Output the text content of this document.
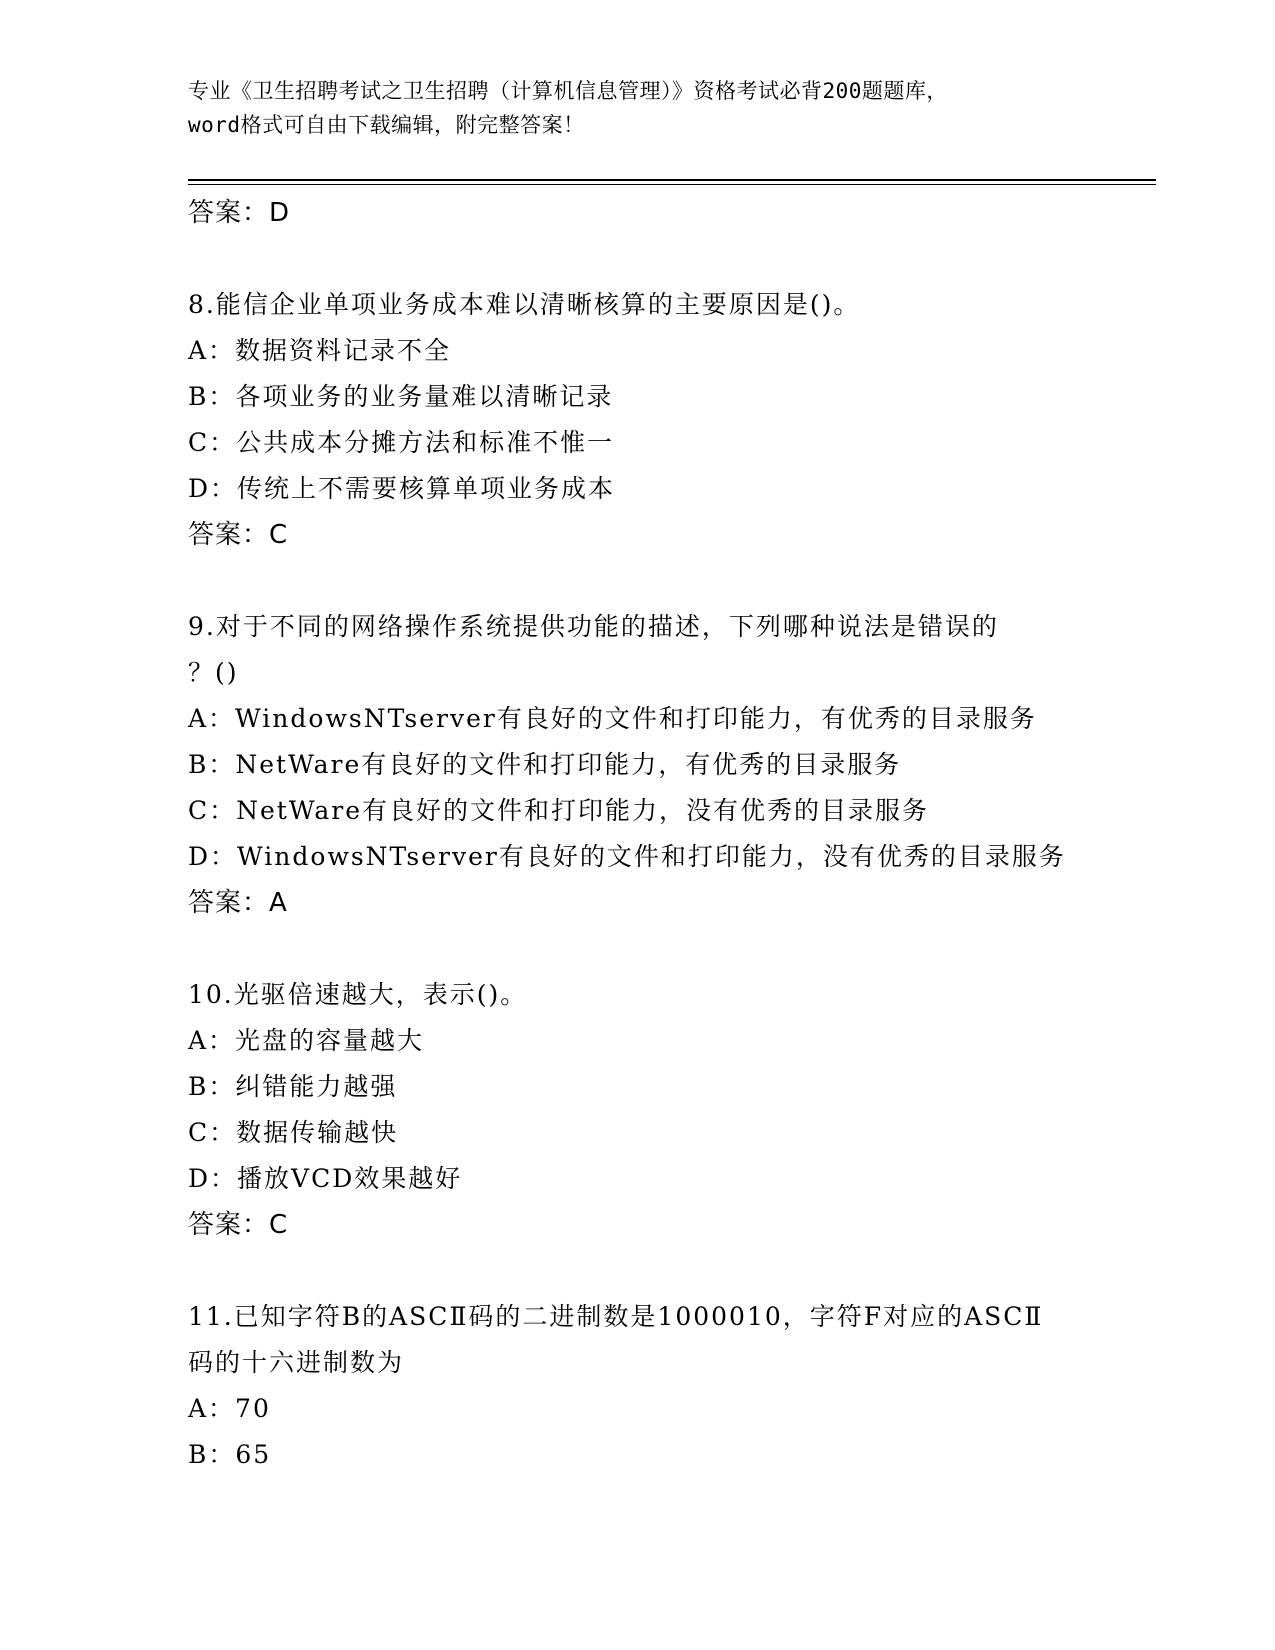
专业《卫生招聘考试之卫生招聘（计算机信息管理）》资格考试必背200题题库，
word格式可自由下载编辑，附完整答案！
答案：D
8.能信企业单项业务成本难以清晰核算的主要原因是()。
A：数据资料记录不全
B：各项业务的业务量难以清晰记录
C：公共成本分摊方法和标准不惟一
D：传统上不需要核算单项业务成本
答案：C
9.对于不同的网络操作系统提供功能的描述，下列哪种说法是错误的
？()
A：WindowsNTserver有良好的文件和打印能力，有优秀的目录服务
B：NetWare有良好的文件和打印能力，有优秀的目录服务
C：NetWare有良好的文件和打印能力，没有优秀的目录服务
D：WindowsNTserver有良好的文件和打印能力，没有优秀的目录服务
答案：A
10.光驱倍速越大，表示()。
A：光盘的容量越大
B：纠错能力越强
C：数据传输越快
D：播放VCD效果越好
答案：C
11.已知字符B的ASCⅡ码的二进制数是1000010，字符F对应的ASCⅡ
码的十六进制数为
A：70
B：65
